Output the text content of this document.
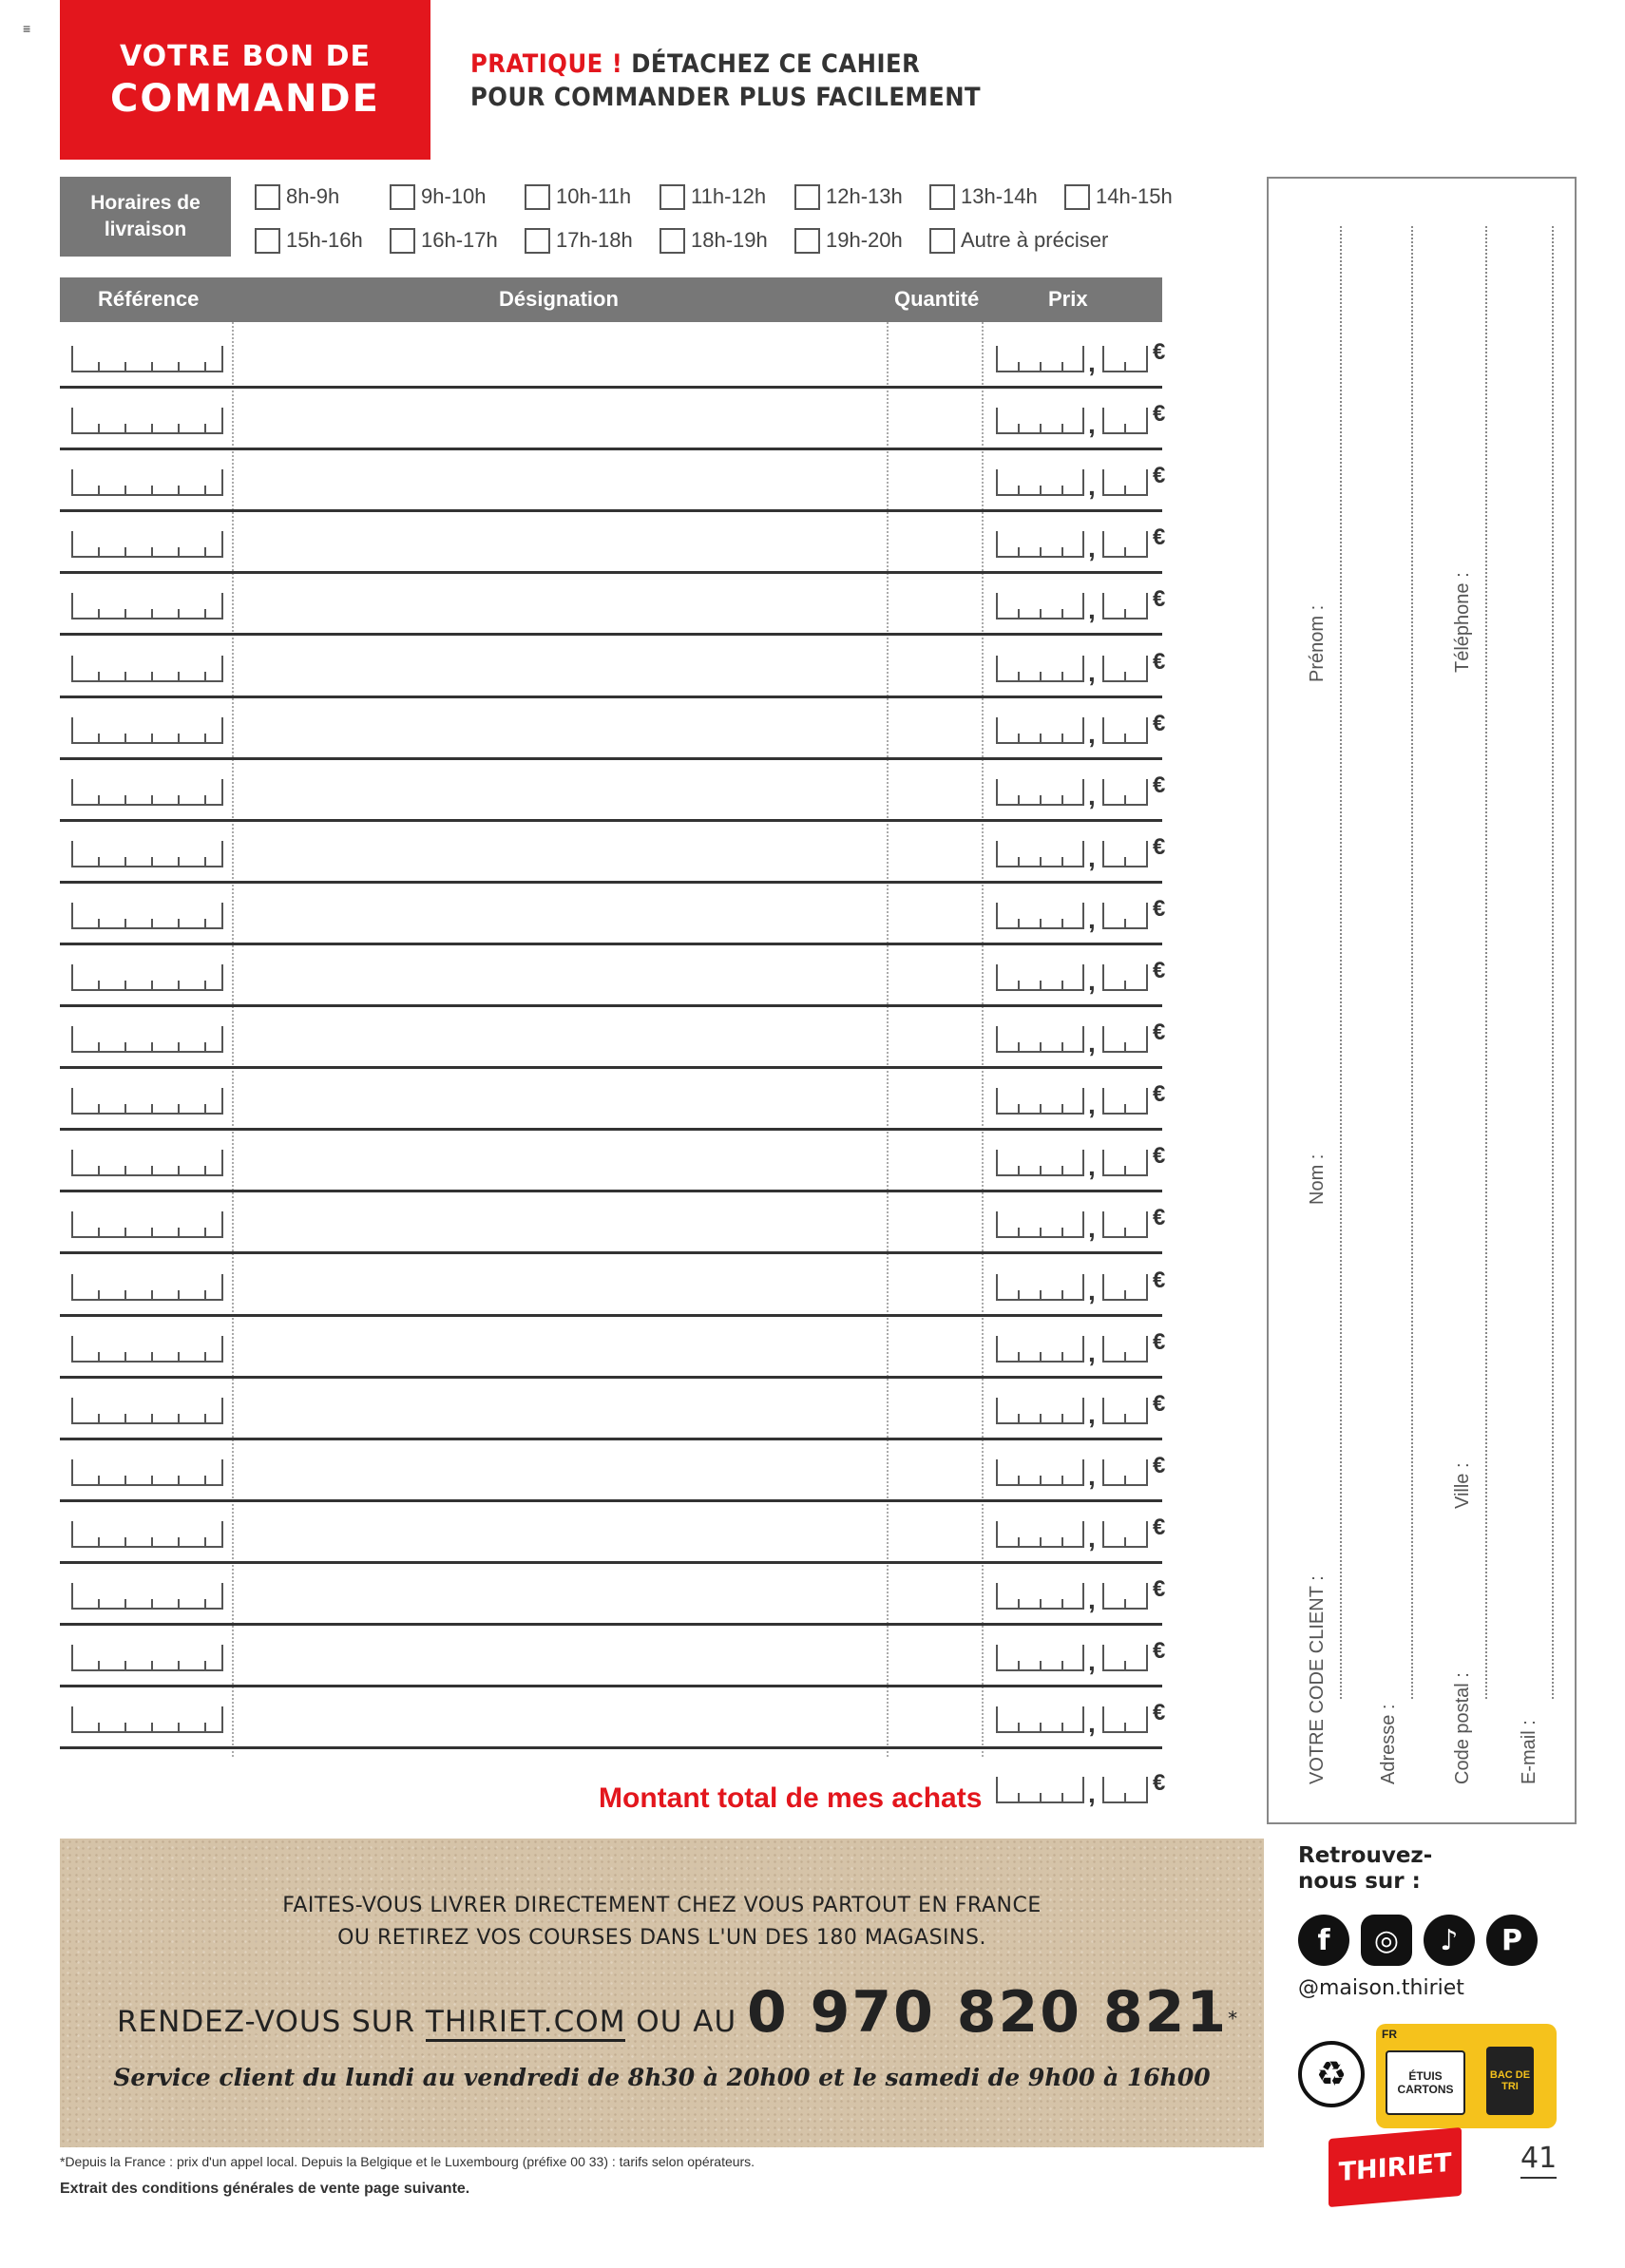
≡
VOTRE BON DE
COMMANDE
PRATIQUE ! DÉTACHEZ CE CAHIER
POUR COMMANDER PLUS FACILEMENT
Horaires de livraison
8h-9h	9h-10h	10h-11h	11h-12h	12h-13h	13h-14h	14h-15h
15h-16h	16h-17h	17h-18h	18h-19h	19h-20h	Autre à préciser
Référence	Désignation	Quantité	Prix
,	€
,	€
,	€
,	€
,	€
,	€
,	€
,	€
,	€
,	€
,	€
,	€
,	€
,	€
,	€
,	€
,	€
,	€
,	€
,	€
,	€
,	€
,	€
Montant total de mes achats	,	€
FAITES-VOUS LIVRER DIRECTEMENT CHEZ VOUS PARTOUT EN FRANCE
OU RETIREZ VOS COURSES DANS L'UN DES 180 MAGASINS.
RENDEZ-VOUS SUR THIRIET.COM OU AU 0 970 820 821*
Service client du lundi au vendredi de 8h30 à 20h00 et le samedi de 9h00 à 16h00
*Depuis la France : prix d'un appel local. Depuis la Belgique et le Luxembourg (préfixe 00 33) : tarifs selon opérateurs.
Extrait des conditions générales de vente page suivante.
VOTRE CODE CLIENT :
Nom :
Prénom :
Adresse :	Code postal :
Ville :
Téléphone :
E-mail :
Retrouvez-nous sur :
f	◎	♪	P
@maison.thiriet
♻
FR
ÉTUIS CARTONS
BAC DE TRI
THIRIET	41
